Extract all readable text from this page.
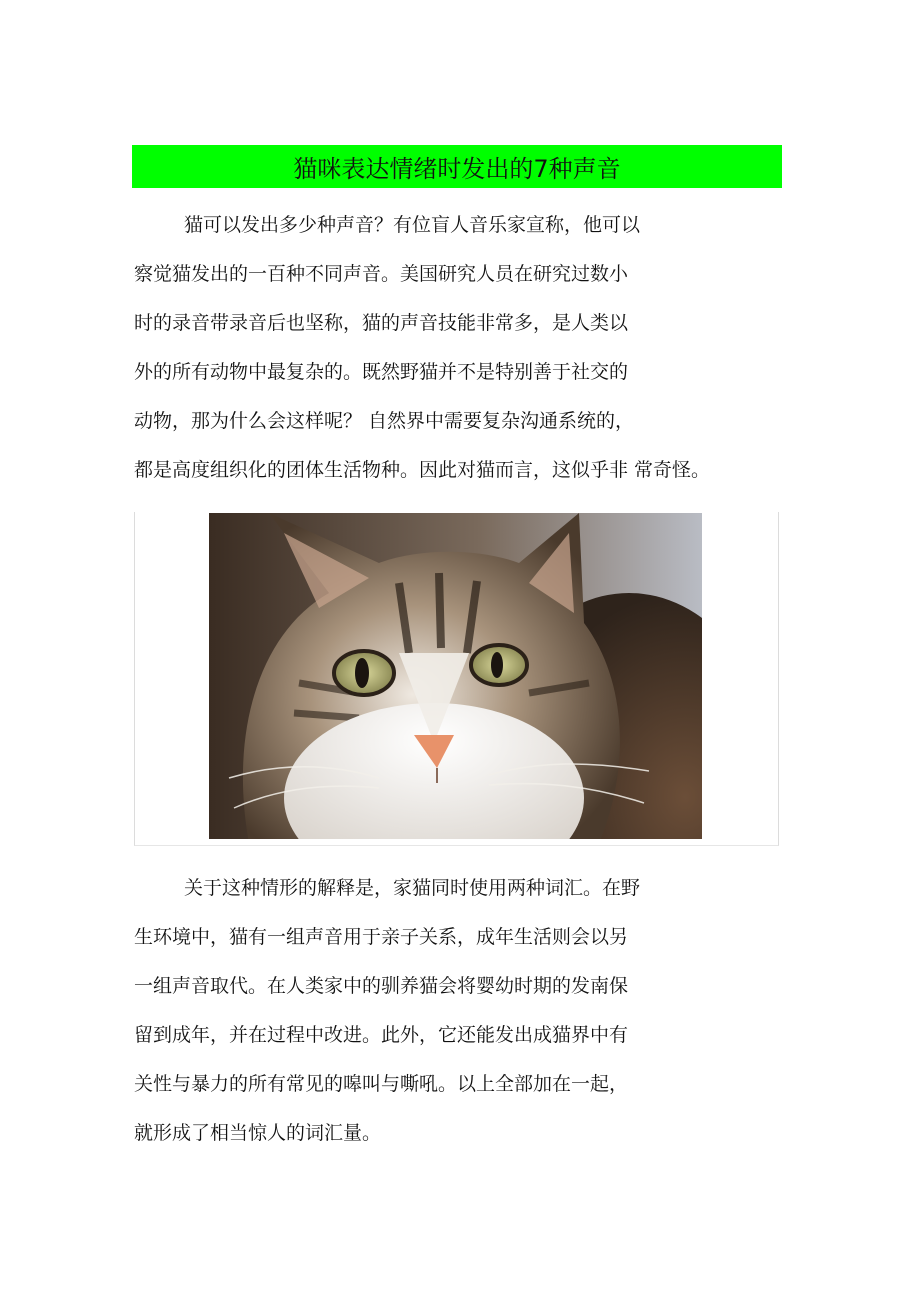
猫咪表达情绪时发出的7种声音
猫可以发出多少种声音？有位盲人音乐家宣称，他可以
察觉猫发出的一百种不同声音。美国研究人员在研究过数小
时的录音带录音后也坚称，猫的声音技能非常多，是人类以
外的所有动物中最复杂的。既然野猫并不是特别善于社交的
动物，那为什么会这样呢？ 自然界中需要复杂沟通系统的，
都是高度组织化的团体生活物种。因此对猫而言，这似乎非 常奇怪。
关于这种情形的解释是，家猫同时使用两种词汇。在野
生环境中，猫有一组声音用于亲子关系，成年生活则会以另
一组声音取代。在人类家中的驯养猫会将婴幼时期的发南保
留到成年，并在过程中改进。此外，它还能发出成猫界中有
关性与暴力的所有常见的嗥叫与嘶吼。以上全部加在一起，
就形成了相当惊人的词汇量。
